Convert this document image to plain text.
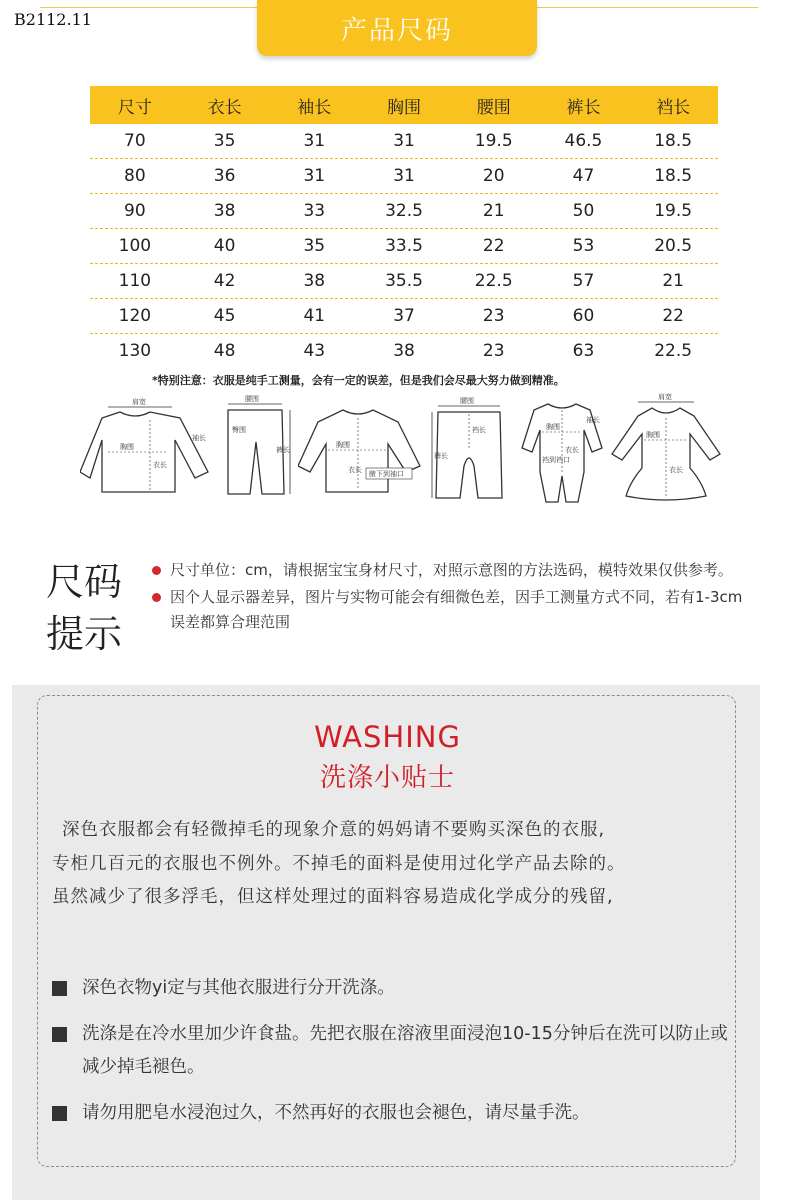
B2112.11	产品尺码
尺寸	衣长	袖长	胸围	腰围	裤长	裆长
70	35	31	31	19.5	46.5	18.5
80	36	31	31	20	47	18.5
90	38	33	32.5	21	50	19.5
100	40	35	33.5	22	53	20.5
110	42	38	35.5	22.5	57	21
120	45	41	37	23	60	22
130	48	43	38	23	63	22.5
*特别注意：衣服是纯手工测量，会有一定的误差，但是我们会尽最大努力做到精准。
肩宽
袖长
胸围
衣长
腰围
臀围
裤长
胸围
衣长 腋下到袖口
腰围
裆长
裤长
胸围
衣长
裆到裆口
袖长
肩宽
胸围
衣长
尺码
提示
尺寸单位：cm，请根据宝宝身材尺寸，对照示意图的方法选码，模特效果仅供参考。
因个人显示器差异，图片与实物可能会有细微色差，因手工测量方式不同，若有1-3cm误差都算合理范围
WASHING
洗涤小贴士
深色衣服都会有轻微掉毛的现象介意的妈妈请不要购买深色的衣服,
专柜几百元的衣服也不例外。不掉毛的面料是使用过化学产品去除的。
虽然减少了很多浮毛，但这样处理过的面料容易造成化学成分的残留,
深色衣物yi定与其他衣服进行分开洗涤。
洗涤是在冷水里加少许食盐。先把衣服在溶液里面浸泡10-15分钟后在洗可以防止或减少掉毛褪色。
请勿用肥皂水浸泡过久，不然再好的衣服也会褪色，请尽量手洗。
